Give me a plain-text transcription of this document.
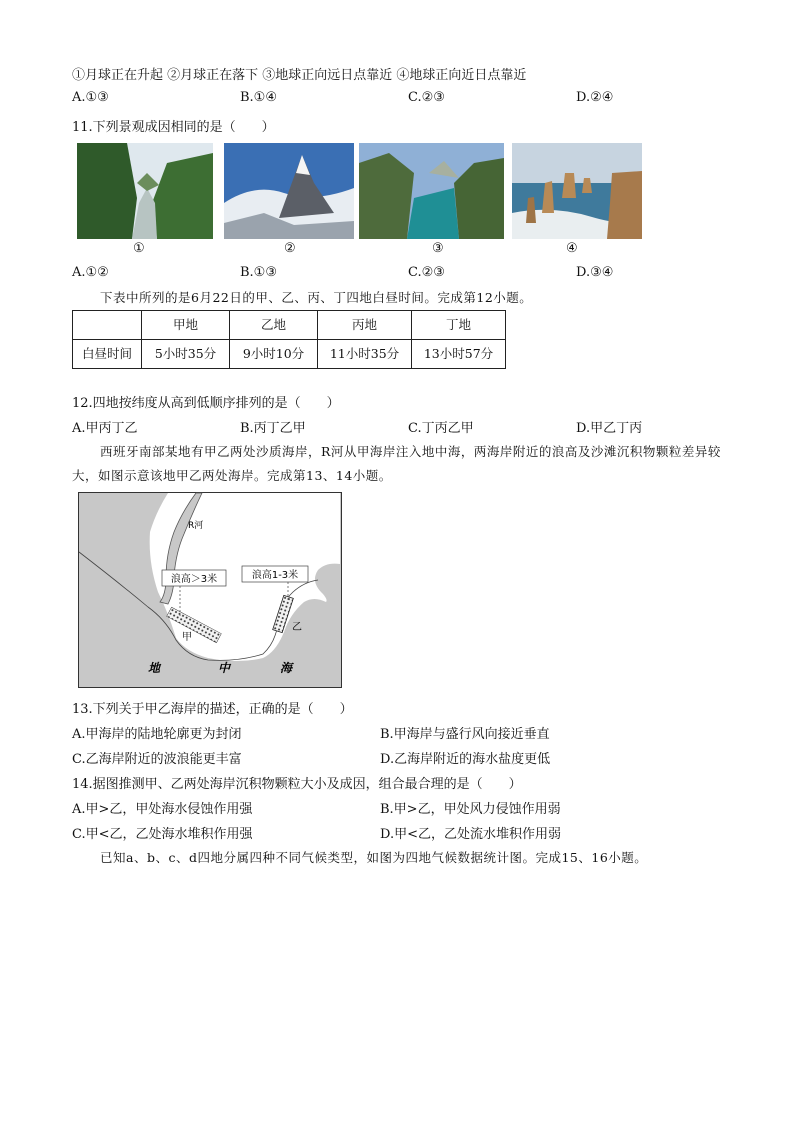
①月球正在升起 ②月球正在落下 ③地球正向远日点靠近 ④地球正向近日点靠近
A.①③	B.①④	C.②③	D.②④
11.下列景观成因相同的是（　　）
①	②	③	④
A.①②	B.①③	C.②③	D.③④
下表中所列的是6月22日的甲、乙、丙、丁四地白昼时间。完成第12小题。
	甲地	乙地	丙地	丁地
白昼时间	5小时35分	9小时10分	11小时35分	13小时57分
12.四地按纬度从高到低顺序排列的是（　　）
A.甲丙丁乙	B.丙丁乙甲	C.丁丙乙甲	D.甲乙丁丙
西班牙南部某地有甲乙两处沙质海岸，R河从甲海岸注入地中海，两海岸附近的浪高及沙滩沉积物颗粒差异较大，如图示意该地甲乙两处海岸。完成第13、14小题。
浪高＞3米	浪高1-3米
R河
甲
乙
地	中	海
13.下列关于甲乙海岸的描述，正确的是（　　）
A.甲海岸的陆地轮廓更为封闭	B.甲海岸与盛行风向接近垂直
C.乙海岸附近的波浪能更丰富	D.乙海岸附近的海水盐度更低
14.据图推测甲、乙两处海岸沉积物颗粒大小及成因，组合最合理的是（　　）
A.甲>乙，甲处海水侵蚀作用强	B.甲>乙，甲处风力侵蚀作用弱
C.甲<乙，乙处海水堆积作用强	D.甲<乙，乙处流水堆积作用弱
已知a、b、c、d四地分属四种不同气候类型，如图为四地气候数据统计图。完成15、16小题。
